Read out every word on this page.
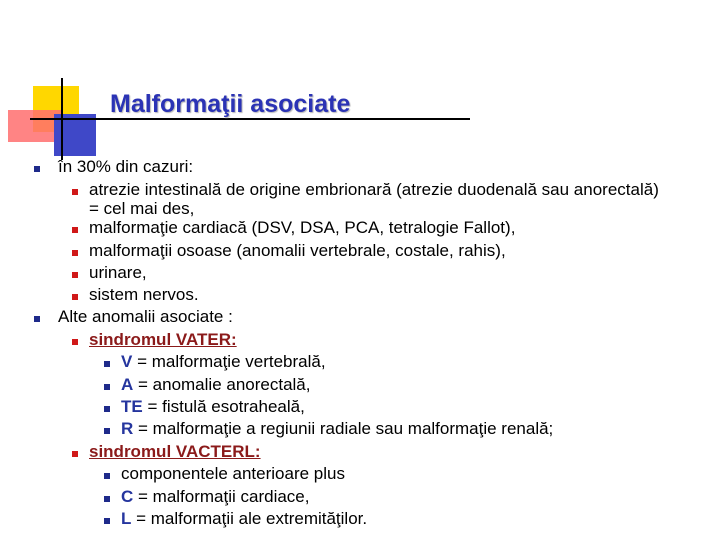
Malformaţii asociate
în 30% din cazuri:
atrezie intestinală de origine embrionară (atrezie duodenală sau anorectală)
= cel mai des,
malformaţie cardiacă (DSV, DSA, PCA, tetralogie Fallot),
malformaţii osoase (anomalii vertebrale, costale, rahis),
urinare,
sistem nervos.
Alte anomalii asociate :
sindromul VATER:
V = malformaţie vertebrală,
A = anomalie anorectală,
TE = fistulă esotraheală,
R = malformaţie a regiunii radiale sau malformaţie renală;
sindromul VACTERL:
componentele anterioare plus
C = malformaţii cardiace,
L = malformaţii ale extremităţilor.
